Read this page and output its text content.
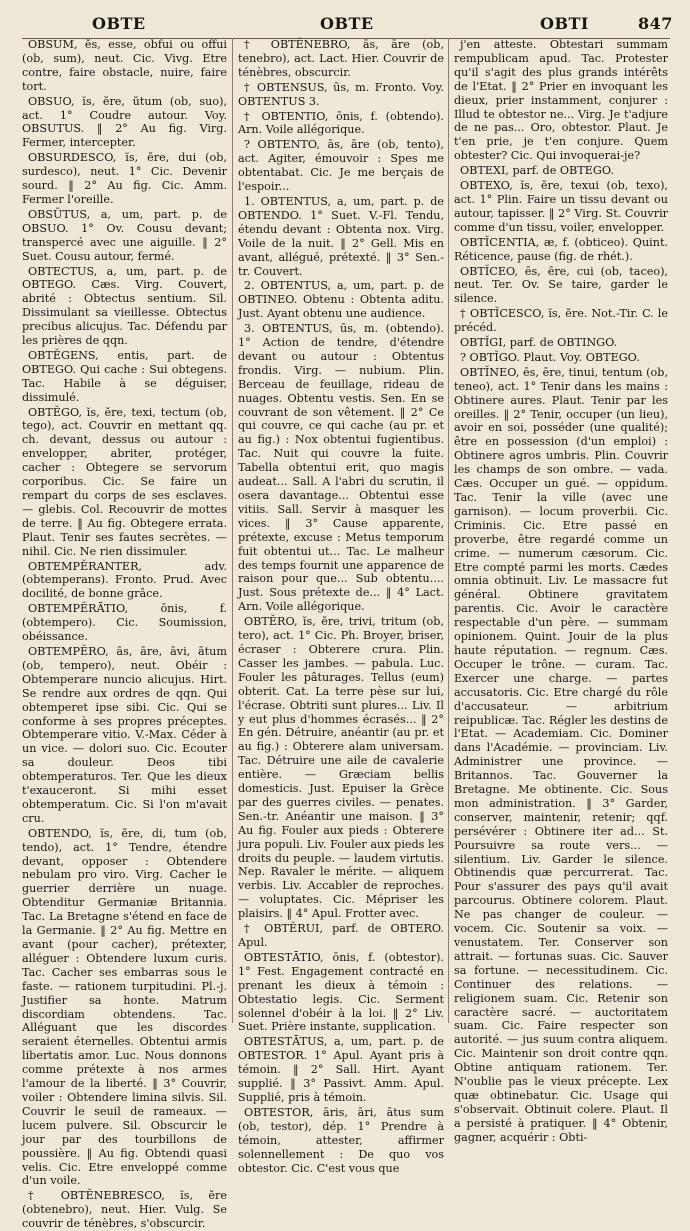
OBTE	OBTE	OBTI	847

OBSUM, ĕs, esse, obfui ou offui (ob, sum), neut. Cic. Viᴠg. Etre contre, faire obstacle, nuire, faire tort.

OBSUO, ĭs, ĕre, ŭtum (ob, suo), act. 1° Coudre autour. Voy. OBSUTUS. ‖ 2° Au fig. Virg. Fermer, intercepter.

OBSURDESCO, ĭs, ĕre, dui (ob, surdesco), neut. 1° Cic. Devenir sourd. ‖ 2° Au fig. Cic. Amm. Fermer l'oreille.

OBSŪTUS, a, um, part. p. de OBSUO. 1° Ov. Cousu devant; transpercé avec une aiguille. ‖ 2° Suet. Cousu autour, fermé.

OBTECTUS, a, um, part. p. de OBTEGO. Cæs. Virg. Couvert, abrité : Obtectus sentium. Sil. Dissimulant sa vieillesse. Obtectus precibus alicujus. Tac. Défendu par les prières de qqn.

OBTĔGENS, entis, part. de OBTEGO. Qui cache : Sui obtegens. Tac. Habile à se déguiser, dissimulé.

OBTĔGO, ĭs, ĕre, texi, tectum (ob, tego), act. Couvrir en mettant qq. ch. devant, dessus ou autour : envelopper, abriter, protéger, cacher : Obtegere se servorum corporibus. Cic. Se faire un rempart du corps de ses esclaves. — glebis. Col. Recouvrir de mottes de terre. ‖ Au fig. Obtegere errata. Plaut. Tenir ses fautes secrètes. — nihil. Cic. Ne rien dissimuler.

OBTEMPĔRANTER, adv. (obtemperans). Fronto. Prud. Avec docilité, de bonne grâce.

OBTEMPĔRĀTIO, ōnis, f. (obtempero). Cic. Soumission, obéissance.

OBTEMPĔRO, ās, āre, āvi, ātum (ob, tempero), neut. Obéir : Obtemperare nuncio alicujus. Hirt. Se rendre aux ordres de qqn. Qui obtemperet ipse sibi. Cic. Qui se conforme à ses propres préceptes. Obtemperare vitio. V.-Max. Céder à un vice. — dolori suo. Cic. Ecouter sa douleur. Deos tibi obtemperaturos. Ter. Que les dieux t'exauceront. Si mihi esset obtemperatum. Cic. Si l'on m'avait cru.

OBTENDO, ĭs, ĕre, di, tum (ob, tendo), act. 1° Tendre, étendre devant, opposer : Obtendere nebulam pro viro. Virg. Cacher le guerrier derrière un nuage. Obtenditur Germaniæ Britannia. Tac. La Bretagne s'étend en face de la Germanie. ‖ 2° Au fig. Mettre en avant (pour cacher), prétexter, alléguer : Obtendere luxum curis. Tac. Cacher ses embarras sous le faste. — rationem turpitudini. Pl.-j. Justifier sa honte. Matrum discordiam obtendens. Tac. Alléguant que les discordes seraient éternelles. Obtentui armis libertatis amor. Luc. Nous donnons comme prétexte à nos armes l'amour de la liberté. ‖ 3° Couvrir, voiler : Obtendere limina silvis. Sil. Couvrir le seuil de rameaux. — lucem pulvere. Sil. Obscurcir le jour par des tourbillons de poussière. ‖ Au fig. Obtendi quasi velis. Cic. Etre enveloppé comme d'un voile.

† OBTĔNEBRESCO, ĭs, ĕre (obtenebro), neut. Hier. Vulg. Se couvrir de ténèbres, s'obscurcir.

† OBTĔNEBRO, ās, āre (ob, tenebro), act. Lact. Hier. Couvrir de ténèbres, obscurcir.

† OBTENSUS, ūs, m. Fronto. Voy. OBTENTUS 3.

† OBTENTIO, ōnis, f. (obtendo). Arn. Voile allégorique.

? OBTENTO, ās, āre (ob, tento), act. Agiter, émouvoir : Spes me obtentabat. Cic. Je me berçais de l'espoir...

1. OBTENTUS, a, um, part. p. de OBTENDO. 1° Suet. V.-Fl. Tendu, étendu devant : Obtenta nox. Virg. Voile de la nuit. ‖ 2° Gell. Mis en avant, allégué, prétexté. ‖ 3° Sen.-tr. Couvert.

2. OBTENTUS, a, um, part. p. de OBTINEO. Obtenu : Obtenta aditu. Just. Ayant obtenu une audience.

3. OBTENTUS, ūs, m. (obtendo). 1° Action de tendre, d'étendre devant ou autour : Obtentus frondis. Virg. — nubium. Plin. Berceau de feuillage, rideau de nuages. Obtentu vestis. Sen. En se couvrant de son vêtement. ‖ 2° Ce qui couvre, ce qui cache (au pr. et au fig.) : Nox obtentui fugientibus. Tac. Nuit qui couvre la fuite. Tabella obtentui erit, quo magis audeat... Sall. A l'abri du scrutin, il osera davantage... Obtentui esse vitiis. Sall. Servir à masquer les vices. ‖ 3° Cause apparente, prétexte, excuse : Metus temporum fuit obtentui ut... Tac. Le malheur des temps fournit une apparence de raison pour que... Sub obtentu.... Just. Sous prétexte de... ‖ 4° Lact. Arn. Voile allégorique.

OBTĔRO, ĭs, ĕre, trivi, tritum (ob, tero), act. 1° Cic. Ph. Broyer, briser, écraser : Obterere crura. Plin. Casser les jambes. — pabula. Luc. Fouler les pâturages. Tellus (eum) obterit. Cat. La terre pèse sur lui, l'écrase. Obtriti sunt plures... Liv. Il y eut plus d'hommes écrasés... ‖ 2° En gén. Détruire, anéantir (au pr. et au fig.) : Obterere alam universam. Tac. Détruire une aile de cavalerie entière. — Græciam bellis domesticis. Just. Epuiser la Grèce par des guerres civiles. — penates. Sen.-tr. Anéantir une maison. ‖ 3° Au fig. Fouler aux pieds : Obterere jura populi. Liv. Fouler aux pieds les droits du peuple. — laudem virtutis. Nep. Ravaler le mérite. — aliquem verbis. Liv. Accabler de reproches. — voluptates. Cic. Mépriser les plaisirs. ‖ 4° Apul. Frotter avec.

† OBTĔRUI, parf. de OBTERO. Apul.

OBTESTĀTIO, ōnis, f. (obtestor). 1° Fest. Engagement contracté en prenant les dieux à témoin : Obtestatio legis. Cic. Serment solennel d'obéir à la loi. ‖ 2° Liv. Suet. Prière instante, supplication.

OBTESTĀTUS, a, um, part. p. de OBTESTOR. 1° Apul. Ayant pris à témoin. ‖ 2° Sall. Hirt. Ayant supplié. ‖ 3° Passivt. Amm. Apul. Supplié, pris à témoin.

OBTESTOR, āris, āri, ātus sum (ob, testor), dép. 1° Prendre à témoin, attester, affirmer solennellement : De quo vos obtestor. Cic. C'est vous que

j'en atteste. Obtestari summam rempublicam apud. Tac. Protester qu'il s'agit des plus grands intérêts de l'Etat. ‖ 2° Prier en invoquant les dieux, prier instamment, conjurer : Illud te obtestor ne... Virg. Je t'adjure de ne pas... Oro, obtestor. Plaut. Je t'en prie, je t'en conjure. Quem obtester? Cic. Qui invoquerai-je?

OBTEXI, parf. de OBTEGO.

OBTEXO, ĭs, ĕre, texui (ob, texo), act. 1° Plin. Faire un tissu devant ou autour, tapisser. ‖ 2° Virg. St. Couvrir comme d'un tissu, voiler, envelopper.

OBTĬCENTIA, æ, f. (obticeo). Quint. Réticence, pause (fig. de rhét.).

OBTĬCEO, ēs, ēre, cui (ob, taceo), neut. Ter. Ov. Se taire, garder le silence.

† OBTĬCESCO, ĭs, ĕre. Not.-Tir. C. le précéd.

OBTĬGI, parf. de OBTINGO.

? OBTĬGO. Plaut. Voy. OBTEGO.

OBTĬNEO, ēs, ēre, tinui, tentum (ob, teneo), act. 1° Tenir dans les mains : Obtinere aures. Plaut. Tenir par les oreilles. ‖ 2° Tenir, occuper (un lieu), avoir en soi, posséder (une qualité); être en possession (d'un emploi) : Obtinere agros umbris. Plin. Couvrir les champs de son ombre. — vada. Cæs. Occuper un gué. — oppidum. Tac. Tenir la ville (avec une garnison). — locum proverbii. Cic. Criminis. Cic. Etre passé en proverbe, être regardé comme un crime. — numerum cæsorum. Cic. Etre compté parmi les morts. Cædes omnia obtinuit. Liv. Le massacre fut général. Obtinere gravitatem parentis. Cic. Avoir le caractère respectable d'un père. — summam opinionem. Quint. Jouir de la plus haute réputation. — regnum. Cæs. Occuper le trône. — curam. Tac. Exercer une charge. — partes accusatoris. Cic. Etre chargé du rôle d'accusateur. — arbitrium reipublicæ. Tac. Régler les destins de l'Etat. — Academiam. Cic. Dominer dans l'Académie. — provinciam. Liv. Administrer une province. — Britannos. Tac. Gouverner la Bretagne. Me obtinente. Cic. Sous mon administration. ‖ 3° Garder, conserver, maintenir, retenir; qqf. persévérer : Obtinere iter ad... St. Poursuivre sa route vers... — silentium. Liv. Garder le silence. Obtinendis quæ percurrerat. Tac. Pour s'assurer des pays qu'il avait parcourus. Obtinere colorem. Plaut. Ne pas changer de couleur. — vocem. Cic. Soutenir sa voix. — venustatem. Ter. Conserver son attrait. — fortunas suas. Cic. Sauver sa fortune. — necessitudinem. Cic. Continuer des relations. — religionem suam. Cic. Retenir son caractère sacré. — auctoritatem suam. Cic. Faire respecter son autorité. — jus suum contra aliquem. Cic. Maintenir son droit contre qqn. Obtine antiquam rationem. Ter. N'oublie pas le vieux précepte. Lex quæ obtinebatur. Cic. Usage qui s'observait. Obtinuit colere. Plaut. Il a persisté à pratiquer. ‖ 4° Obtenir, gagner, acquérir : Obti-
